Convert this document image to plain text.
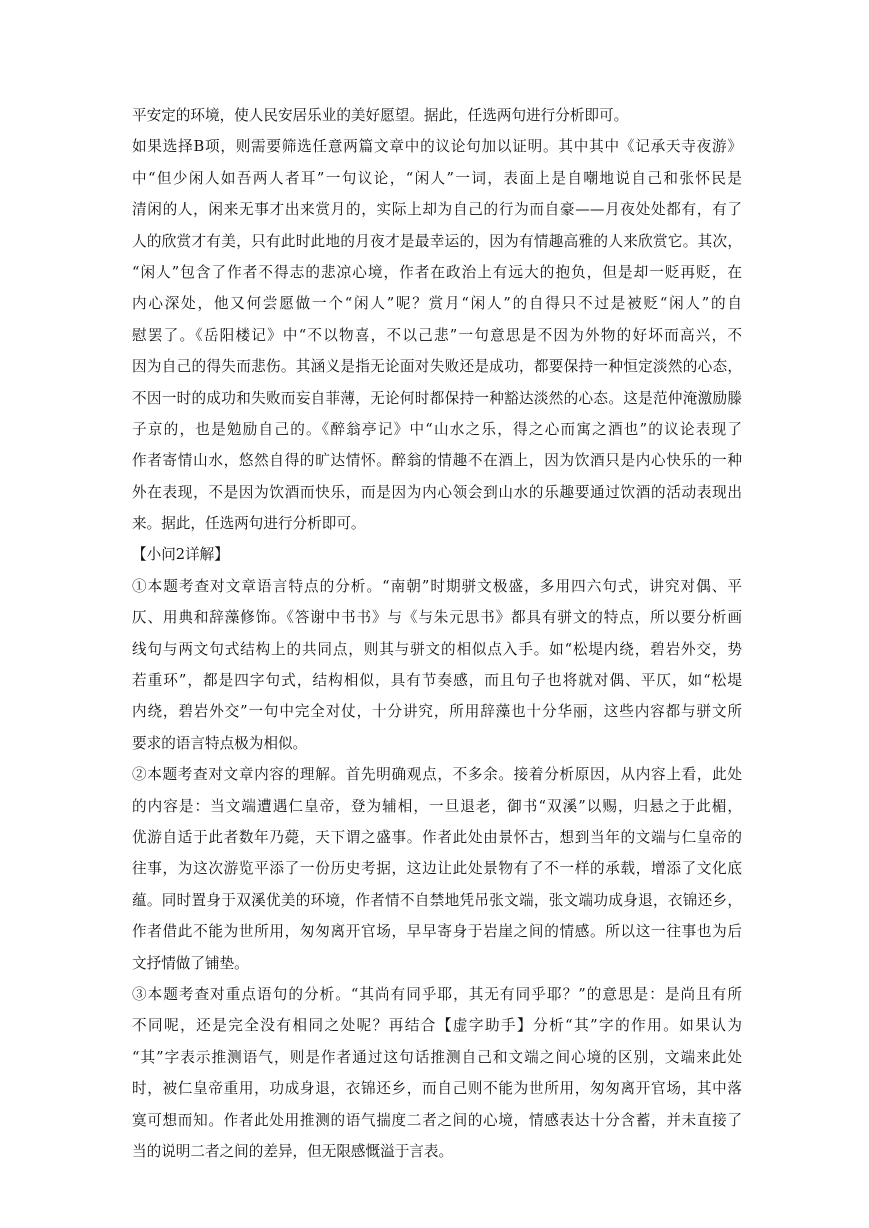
平安定的环境，使人民安居乐业的美好愿望。据此，任选两句进行分析即可。
如果选择B项，则需要筛选任意两篇文章中的议论句加以证明。其中其中《记承天寺夜游》
中“但少闲人如吾两人者耳”一句议论，“闲人”一词，表面上是自嘲地说自己和张怀民是
清闲的人，闲来无事才出来赏月的，实际上却为自己的行为而自豪——月夜处处都有，有了
人的欣赏才有美，只有此时此地的月夜才是最幸运的，因为有情趣高雅的人来欣赏它。其次，
“闲人”包含了作者不得志的悲凉心境，作者在政治上有远大的抱负，但是却一贬再贬，在
内心深处，他又何尝愿做一个“闲人”呢？赏月“闲人”的自得只不过是被贬“闲人”的自
慰罢了。《岳阳楼记》中“不以物喜，不以己悲”一句意思是不因为外物的好坏而高兴，不
因为自己的得失而悲伤。其涵义是指无论面对失败还是成功，都要保持一种恒定淡然的心态，
不因一时的成功和失败而妄自菲薄，无论何时都保持一种豁达淡然的心态。这是范仲淹激励滕
子京的，也是勉励自己的。《醉翁亭记》中“山水之乐，得之心而寓之酒也”的议论表现了
作者寄情山水，悠然自得的旷达情怀。醉翁的情趣不在酒上，因为饮酒只是内心快乐的一种
外在表现，不是因为饮酒而快乐，而是因为内心领会到山水的乐趣要通过饮酒的活动表现出
来。据此，任选两句进行分析即可。
【小问2详解】
①本题考查对文章语言特点的分析。“南朝”时期骈文极盛，多用四六句式，讲究对偶、平
仄、用典和辞藻修饰。《答谢中书书》与《与朱元思书》都具有骈文的特点，所以要分析画
线句与两文句式结构上的共同点，则其与骈文的相似点入手。如“松堤内绕，碧岩外交，势
若重环”，都是四字句式，结构相似，具有节奏感，而且句子也将就对偶、平仄，如“松堤
内绕，碧岩外交”一句中完全对仗，十分讲究，所用辞藻也十分华丽，这些内容都与骈文所
要求的语言特点极为相似。
②本题考查对文章内容的理解。首先明确观点，不多余。接着分析原因，从内容上看，此处
的内容是：当文端遭遇仁皇帝，登为辅相，一旦退老，御书“双溪”以赐，归悬之于此楣，
优游自适于此者数年乃薨，天下谓之盛事。作者此处由景怀古，想到当年的文端与仁皇帝的
往事，为这次游览平添了一份历史考据，这边让此处景物有了不一样的承载，增添了文化底
蕴。同时置身于双溪优美的环境，作者情不自禁地凭吊张文端，张文端功成身退，衣锦还乡，
作者借此不能为世所用，匆匆离开官场，早早寄身于岩崖之间的情感。所以这一往事也为后
文抒情做了铺垫。
③本题考查对重点语句的分析。“其尚有同乎耶，其无有同乎耶？”的意思是：是尚且有所
不同呢，还是完全没有相同之处呢？再结合【虚字助手】分析“其”字的作用。如果认为
“其”字表示推测语气，则是作者通过这句话推测自己和文端之间心境的区别，文端来此处
时，被仁皇帝重用，功成身退，衣锦还乡，而自己则不能为世所用，匆匆离开官场，其中落
寞可想而知。作者此处用推测的语气揣度二者之间的心境，情感表达十分含蓄，并未直接了
当的说明二者之间的差异，但无限感慨溢于言表。
